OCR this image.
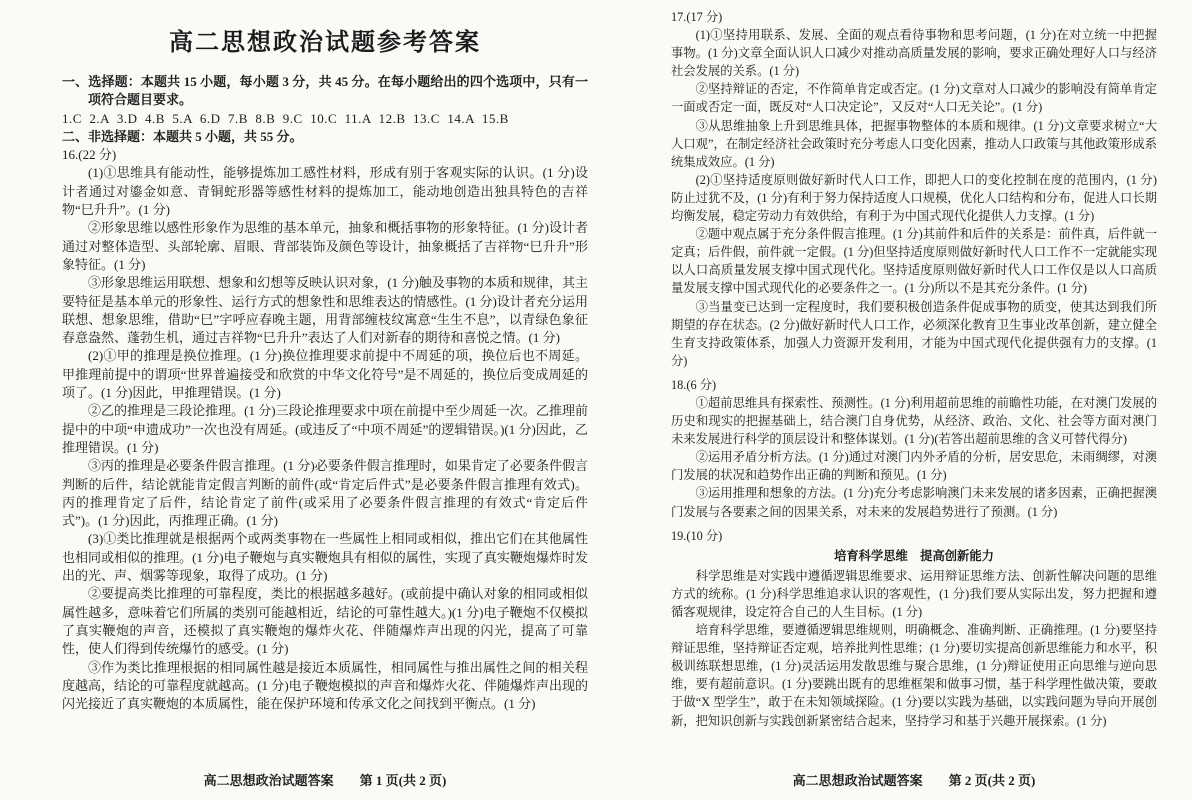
高二思想政治试题参考答案

一、选择题：本题共 15 小题，每小题 3 分，共 45 分。在每小题给出的四个选项中，只有一项符合题目要求。

1.C  2.A  3.D  4.B  5.A  6.D  7.B  8.B  9.C  10.C  11.A  12.B  13.C  14.A  15.B

二、非选择题：本题共 5 小题，共 55 分。

16.(22 分)

(1)①思维具有能动性，能够提炼加工感性材料，形成有别于客观实际的认识。(1 分)设计者通过对鎏金如意、青铜蛇形器等感性材料的提炼加工，能动地创造出独具特色的吉祥物“巳升升”。(1 分)

②形象思维以感性形象作为思维的基本单元，抽象和概括事物的形象特征。(1 分)设计者通过对整体造型、头部轮廓、眉眼、背部装饰及颜色等设计，抽象概括了吉祥物“巳升升”形象特征。(1 分)

③形象思维运用联想、想象和幻想等反映认识对象，(1 分)触及事物的本质和规律，其主要特征是基本单元的形象性、运行方式的想象性和思维表达的情感性。(1 分)设计者充分运用联想、想象思维，借助“巳”字呼应春晚主题，用背部缠枝纹寓意“生生不息”，以青绿色象征春意盎然、蓬勃生机，通过吉祥物“巳升升”表达了人们对新春的期待和喜悦之情。(1 分)

(2)①甲的推理是换位推理。(1 分)换位推理要求前提中不周延的项，换位后也不周延。甲推理前提中的谓项“世界普遍接受和欣赏的中华文化符号”是不周延的，换位后变成周延的项了。(1 分)因此，甲推理错误。(1 分)

②乙的推理是三段论推理。(1 分)三段论推理要求中项在前提中至少周延一次。乙推理前提中的中项“申遗成功”一次也没有周延。(或违反了“中项不周延”的逻辑错误。)(1 分)因此，乙推理错误。(1 分)

③丙的推理是必要条件假言推理。(1 分)必要条件假言推理时，如果肯定了必要条件假言判断的后件，结论就能肯定假言判断的前件(或“肯定后件式”是必要条件假言推理有效式)。丙的推理肯定了后件，结论肯定了前件(或采用了必要条件假言推理的有效式“肯定后件式”)。(1 分)因此，丙推理正确。(1 分)

(3)①类比推理就是根据两个或两类事物在一些属性上相同或相似，推出它们在其他属性也相同或相似的推理。(1 分)电子鞭炮与真实鞭炮具有相似的属性，实现了真实鞭炮爆炸时发出的光、声、烟雾等现象，取得了成功。(1 分)

②要提高类比推理的可靠程度，类比的根据越多越好。(或前提中确认对象的相同或相似属性越多，意味着它们所属的类别可能越相近，结论的可靠性越大。)(1 分)电子鞭炮不仅模拟了真实鞭炮的声音，还模拟了真实鞭炮的爆炸火花、伴随爆炸声出现的闪光，提高了可靠性，使人们得到传统爆竹的感受。(1 分)

③作为类比推理根据的相同属性越是接近本质属性，相同属性与推出属性之间的相关程度越高，结论的可靠程度就越高。(1 分)电子鞭炮模拟的声音和爆炸火花、伴随爆炸声出现的闪光接近了真实鞭炮的本质属性，能在保护环境和传承文化之间找到平衡点。(1 分)

17.(17 分)

(1)①坚持用联系、发展、全面的观点看待事物和思考问题，(1 分)在对立统一中把握事物。(1 分)文章全面认识人口减少对推动高质量发展的影响，要求正确处理好人口与经济社会发展的关系。(1 分)

②坚持辩证的否定，不作简单肯定或否定。(1 分)文章对人口减少的影响没有简单肯定一面或否定一面，既反对“人口决定论”，又反对“人口无关论”。(1 分)

③从思维抽象上升到思维具体，把握事物整体的本质和规律。(1 分)文章要求树立“大人口观”，在制定经济社会政策时充分考虑人口变化因素，推动人口政策与其他政策形成系统集成效应。(1 分)

(2)①坚持适度原则做好新时代人口工作，即把人口的变化控制在度的范围内，(1 分)防止过犹不及，(1 分)有利于努力保持适度人口规模，优化人口结构和分布，促进人口长期均衡发展，稳定劳动力有效供给，有利于为中国式现代化提供人力支撑。(1 分)

②题中观点属于充分条件假言推理。(1 分)其前件和后件的关系是：前件真，后件就一定真；后件假，前件就一定假。(1 分)但坚持适度原则做好新时代人口工作不一定就能实现以人口高质量发展支撑中国式现代化。坚持适度原则做好新时代人口工作仅是以人口高质量发展支撑中国式现代化的必要条件之一。(1 分)所以不是其充分条件。(1 分)

③当量变已达到一定程度时，我们要积极创造条件促成事物的质变，使其达到我们所期望的存在状态。(2 分)做好新时代人口工作，必须深化教育卫生事业改革创新，建立健全生育支持政策体系，加强人力资源开发利用，才能为中国式现代化提供强有力的支撑。(1 分)

18.(6 分)

①超前思维具有探索性、预测性。(1 分)利用超前思维的前瞻性功能，在对澳门发展的历史和现实的把握基础上，结合澳门自身优势，从经济、政治、文化、社会等方面对澳门未来发展进行科学的顶层设计和整体谋划。(1 分)(若答出超前思维的含义可替代得分)

②运用矛盾分析方法。(1 分)通过对澳门内外矛盾的分析，居安思危，未雨绸缪，对澳门发展的状况和趋势作出正确的判断和预见。(1 分)

③运用推理和想象的方法。(1 分)充分考虑影响澳门未来发展的诸多因素，正确把握澳门发展与各要素之间的因果关系，对未来的发展趋势进行了预测。(1 分)

19.(10 分)

培育科学思维　提高创新能力

科学思维是对实践中遵循逻辑思维要求、运用辩证思维方法、创新性解决问题的思维方式的统称。(1 分)科学思维追求认识的客观性，(1 分)我们要从实际出发，努力把握和遵循客观规律，设定符合自己的人生目标。(1 分)

培育科学思维，要遵循逻辑思维规则，明确概念、准确判断、正确推理。(1 分)要坚持辩证思维，坚持辩证否定观，培养批判性思维；(1 分)要切实提高创新思维能力和水平，积极训练联想思维，(1 分)灵活运用发散思维与聚合思维，(1 分)辩证使用正向思维与逆向思维，要有超前意识。(1 分)要跳出既有的思维框架和做事习惯，基于科学理性做决策，要敢于做“X 型学生”，敢于在未知领域探险。(1 分)要以实践为基础，以实践问题为导向开展创新，把知识创新与实践创新紧密结合起来，坚持学习和基于兴趣开展探索。(1 分)

高二思想政治试题答案　　第 1 页(共 2 页)	高二思想政治试题答案　　第 2 页(共 2 页)
